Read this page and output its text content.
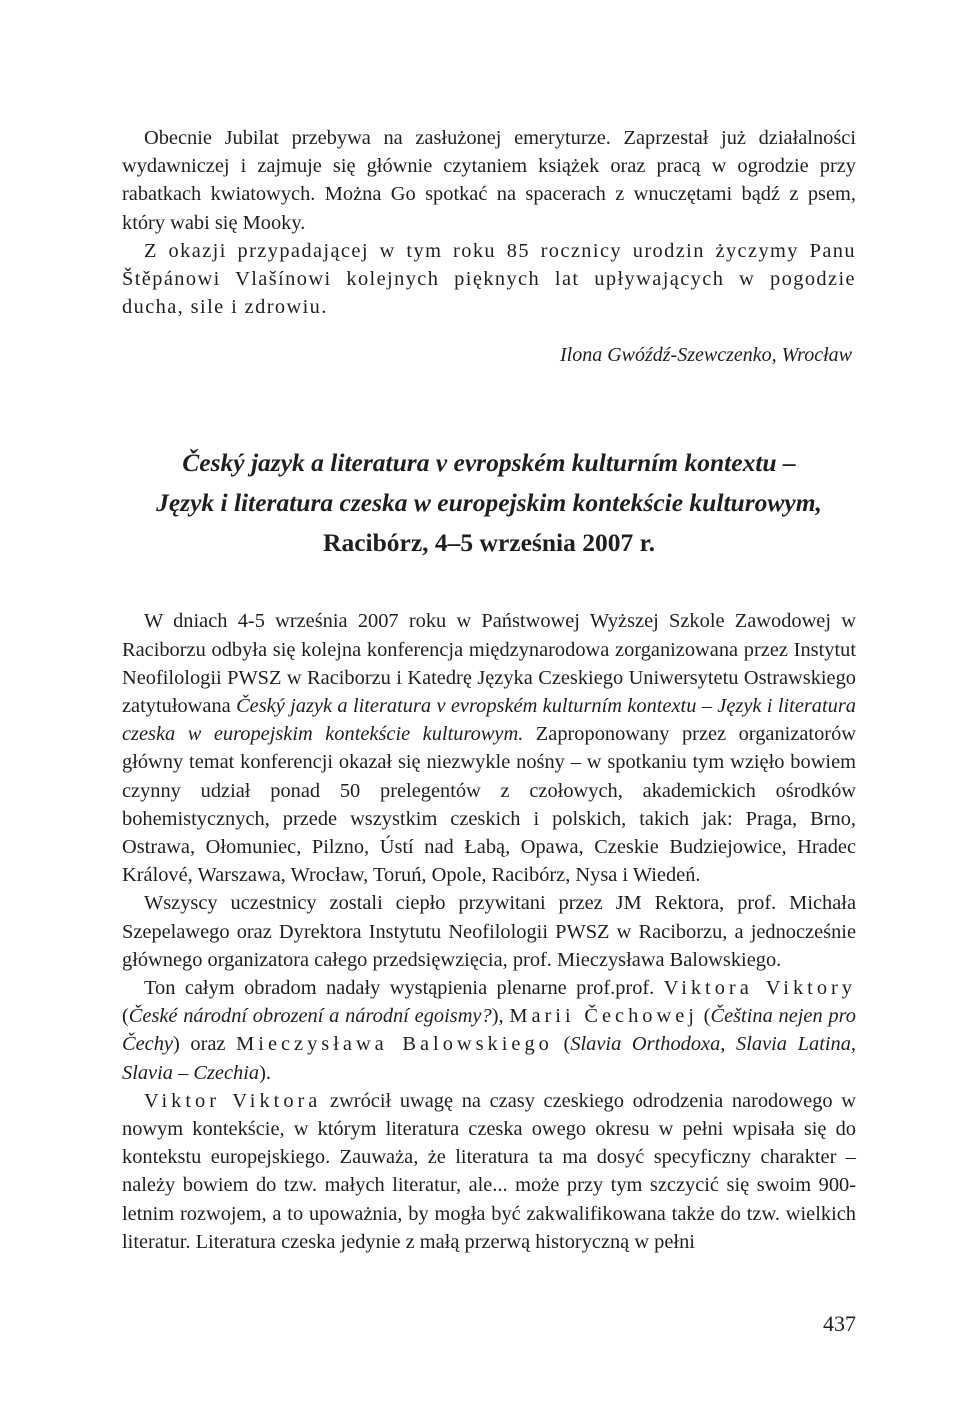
Obecnie Jubilat przebywa na zasłużonej emeryturze. Zaprzestał już działalności wydawniczej i zajmuje się głównie czytaniem książek oraz pracą w ogrodzie przy rabatkach kwiatowych. Można Go spotkać na spacerach z wnuczętami bądź z psem, który wabi się Mooky.

Z okazji przypadającej w tym roku 85 rocznicy urodzin życzymy Panu Štěpánowi Vlašínowi kolejnych pięknych lat upływających w pogodzie ducha, sile i zdrowiu.

Ilona Gwóźdź-Szewczenko, Wrocław
Český jazyk a literatura v evropském kulturním kontextu –
Język i literatura czeska w europejskim kontekście kulturowym,
Racibórz, 4–5 września 2007 r.

W dniach 4-5 września 2007 roku w Państwowej Wyższej Szkole Zawodowej w Raciborzu odbyła się kolejna konferencja międzynarodowa zorganizowana przez Instytut Neofilologii PWSZ w Raciborzu i Katedrę Języka Czeskiego Uniwersytetu Ostrawskiego zatytułowana Český jazyk a literatura v evropském kulturním kontextu – Język i literatura czeska w europejskim kontekście kulturowym. Zaproponowany przez organizatorów główny temat konferencji okazał się niezwykle nośny – w spotkaniu tym wzięło bowiem czynny udział ponad 50 prelegentów z czołowych, akademickich ośrodków bohemistycznych, przede wszystkim czeskich i polskich, takich jak: Praga, Brno, Ostrawa, Ołomuniec, Pilzno, Ústí nad Łabą, Opawa, Czeskie Budziejowice, Hradec Králové, Warszawa, Wrocław, Toruń, Opole, Racibórz, Nysa i Wiedeń.

Wszyscy uczestnicy zostali ciepło przywitani przez JM Rektora, prof. Michała Szepelawego oraz Dyrektora Instytutu Neofilologii PWSZ w Raciborzu, a jednocześnie głównego organizatora całego przedsięwzięcia, prof. Mieczysława Balowskiego.

Ton całym obradom nadały wystąpienia plenarne prof.prof. Viktora Viktory (České národní obrození a národní egoismy?), Marii Čechowej (Čeština nejen pro Čechy) oraz Mieczysława Balowskiego (Slavia Orthodoxa, Slavia Latina, Slavia – Czechia).

Viktor Viktora zwrócił uwagę na czasy czeskiego odrodzenia narodowego w nowym kontekście, w którym literatura czeska owego okresu w pełni wpisała się do kontekstu europejskiego. Zauważa, że literatura ta ma dosyć specyficzny charakter – należy bowiem do tzw. małych literatur, ale... może przy tym szczycić się swoim 900-letnim rozwojem, a to upoważnia, by mogła być zakwalifikowana także do tzw. wielkich literatur. Literatura czeska jedynie z małą przerwą historyczną w pełni

437
